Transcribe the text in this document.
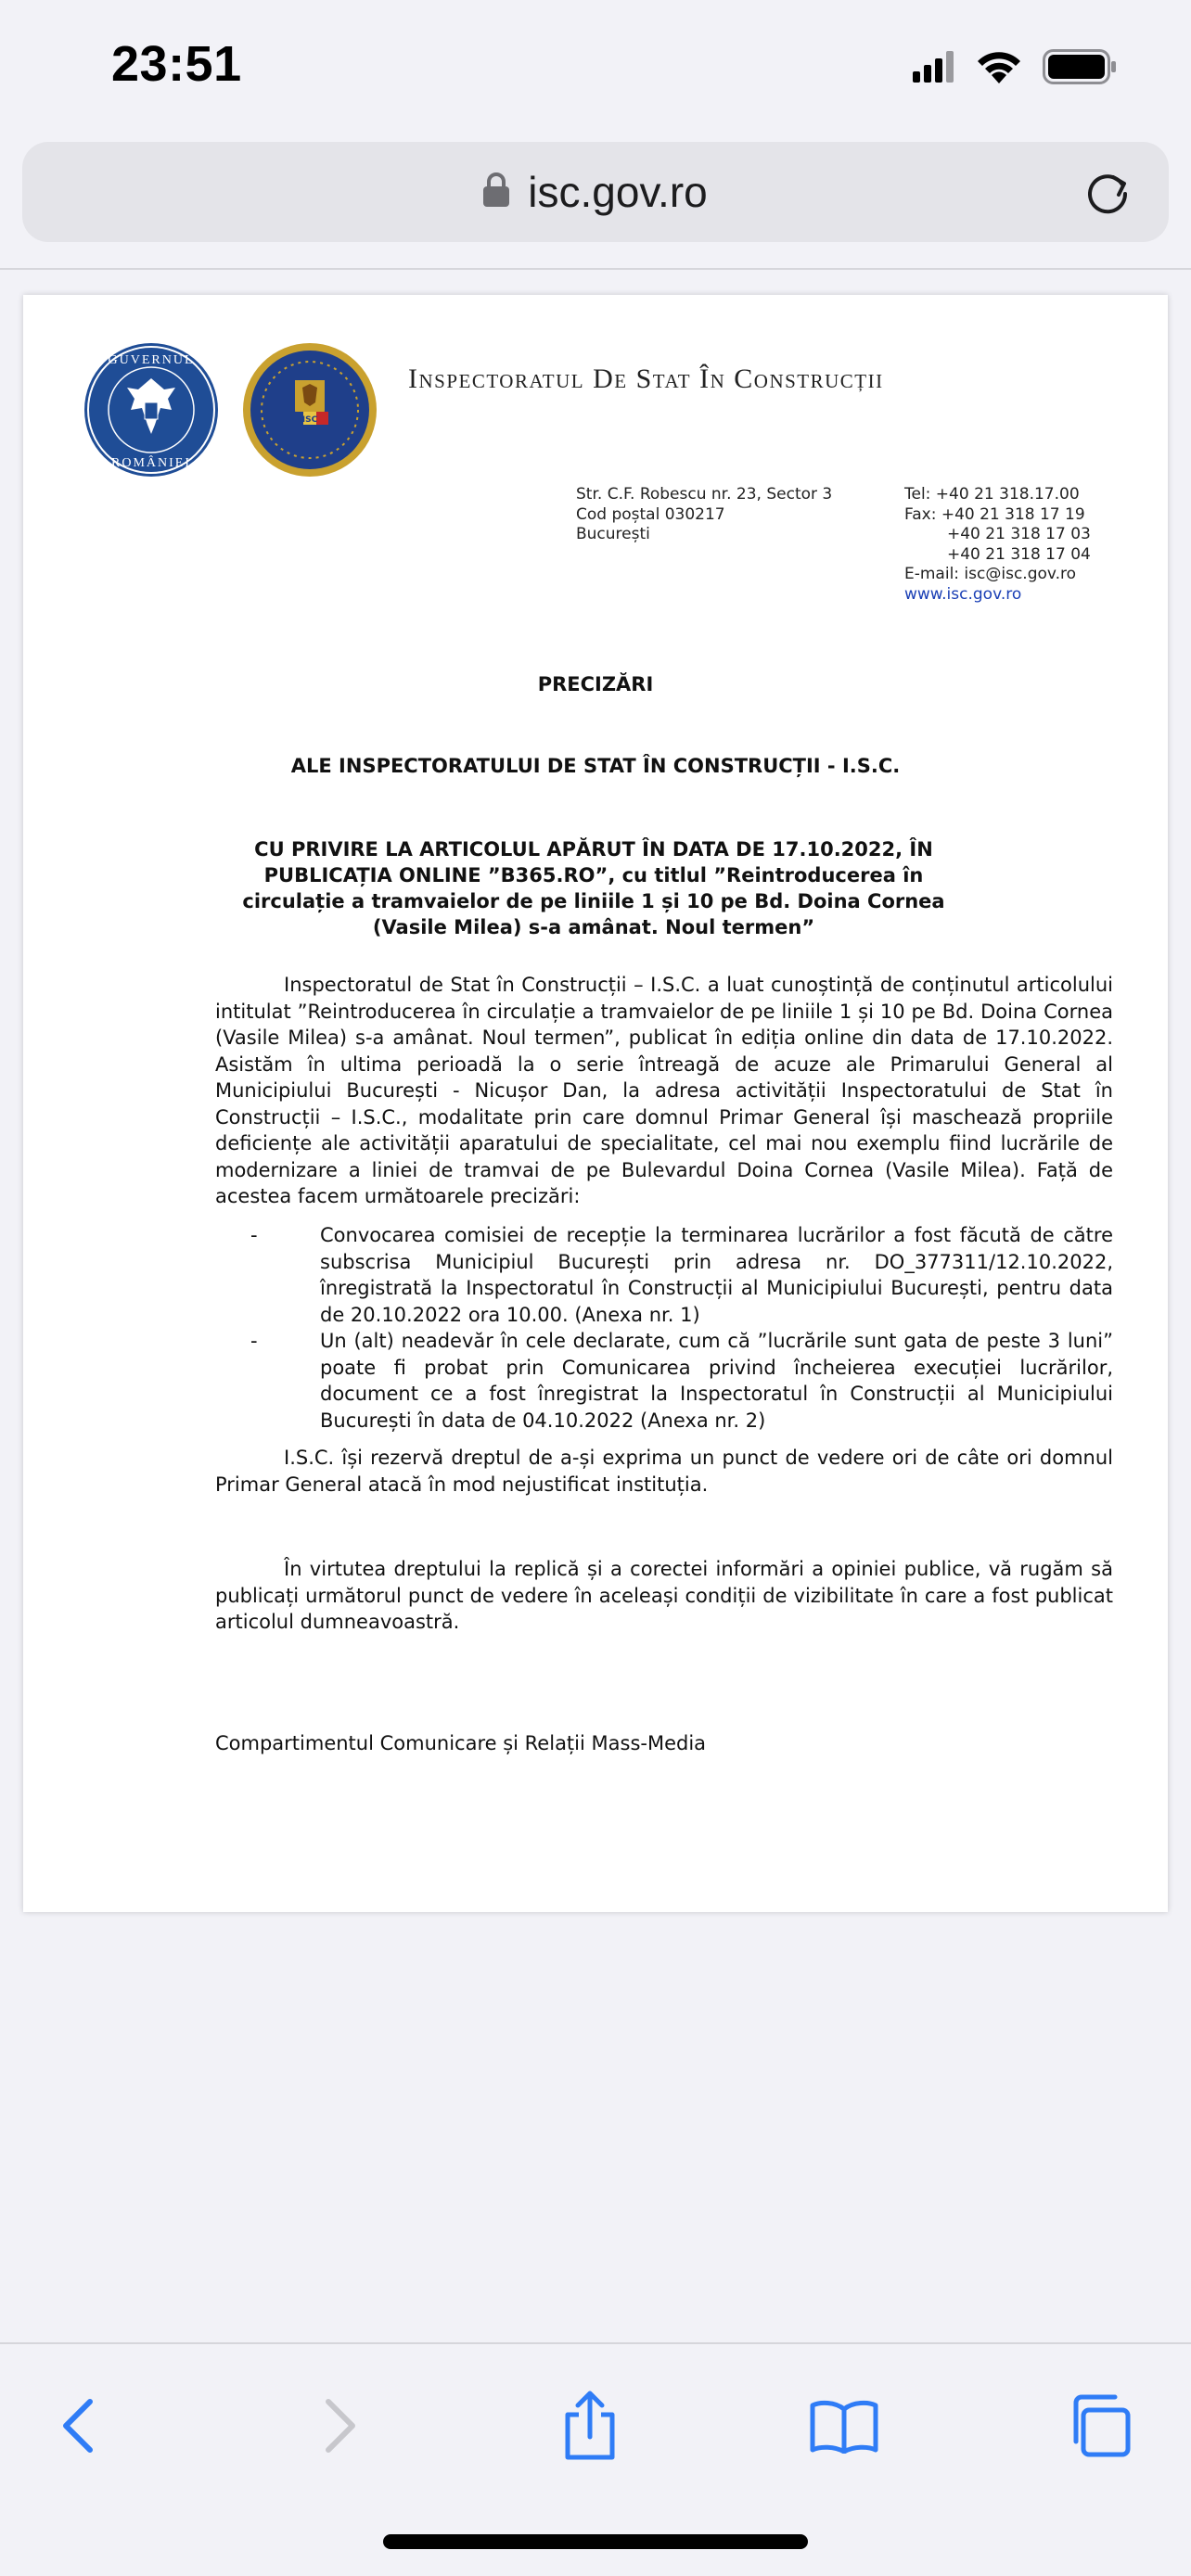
23:51
isc.gov.ro
GUVERNUL
ROMÂNIEI
ISC
Inspectoratul De Stat În Construcții
Str. C.F. Robescu nr. 23, Sector 3
Cod poștal 030217
București
Tel: +40 21 318.17.00
Fax: +40 21 318 17 19
+40 21 318 17 03
+40 21 318 17 04
E-mail: isc@isc.gov.ro
www.isc.gov.ro
PRECIZĂRI
ALE INSPECTORATULUI DE STAT ÎN CONSTRUCȚII - I.S.C.
CU PRIVIRE LA ARTICOLUL APĂRUT ÎN DATA DE 17.10.2022, ÎN PUBLICAȚIA ONLINE ”B365.RO”, cu titlul ”Reintroducerea în circulație a tramvaielor de pe liniile 1 și 10 pe Bd. Doina Cornea (Vasile Milea) s-a amânat. Noul termen”
Inspectoratul de Stat în Construcții – I.S.C. a luat cunoștință de conținutul articolului intitulat ”Reintroducerea în circulație a tramvaielor de pe liniile 1 și 10 pe Bd. Doina Cornea (Vasile Milea) s-a amânat. Noul termen”, publicat în ediția online din data de 17.10.2022. Asistăm în ultima perioadă la o serie întreagă de acuze ale Primarului General al Municipiului București - Nicușor Dan, la adresa activității Inspectoratului de Stat în Construcții – I.S.C., modalitate prin care domnul Primar General își maschează propriile deficiențe ale activității aparatului de specialitate, cel mai nou exemplu fiind lucrările de modernizare a liniei de tramvai de pe Bulevardul Doina Cornea (Vasile Milea). Față de acestea facem următoarele precizări:
-	Convocarea comisiei de recepție la terminarea lucrărilor a fost făcută de către subscrisa Municipiul București prin adresa nr. DO_377311/12.10.2022, înregistrată la Inspectoratul în Construcții al Municipiului București, pentru data de 20.10.2022 ora 10.00. (Anexa nr. 1)
-	Un (alt) neadevăr în cele declarate, cum că ”lucrările sunt gata de peste 3 luni” poate fi probat prin Comunicarea privind încheierea execuției lucrărilor, document ce a fost înregistrat la Inspectoratul în Construcții al Municipiului București în data de 04.10.2022 (Anexa nr. 2)
I.S.C. își rezervă dreptul de a-și exprima un punct de vedere ori de câte ori domnul Primar General atacă în mod nejustificat instituția.
În virtutea dreptului la replică și a corectei informări a opiniei publice, vă rugăm să publicați următorul punct de vedere în aceleași condiții de vizibilitate în care a fost publicat articolul dumneavoastră.
Compartimentul Comunicare și Relații Mass-Media
